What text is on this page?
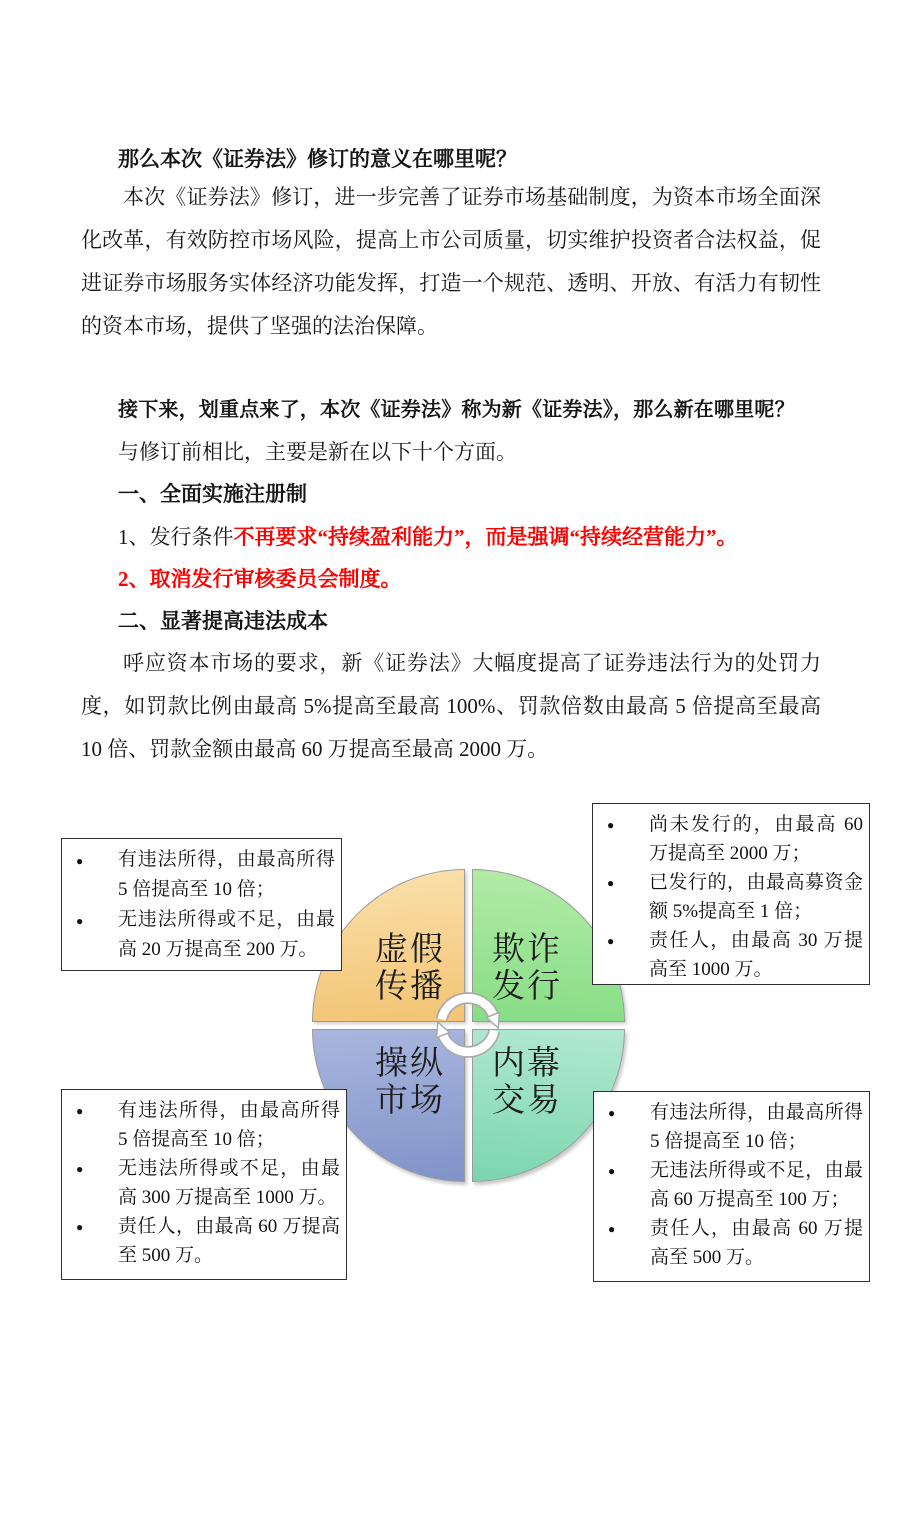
那么本次《证券法》修订的意义在哪里呢？
本次《证券法》修订，进一步完善了证券市场基础制度，为资本市场全面深化改革，有效防控市场风险，提高上市公司质量，切实维护投资者合法权益，促进证券市场服务实体经济功能发挥，打造一个规范、透明、开放、有活力有韧性的资本市场，提供了坚强的法治保障。
接下来，划重点来了，本次《证券法》称为新《证券法》，那么新在哪里呢？
与修订前相比，主要是新在以下十个方面。
一、全面实施注册制
1、发行条件不再要求“持续盈利能力”，而是强调“持续经营能力”。
2、取消发行审核委员会制度。
二、显著提高违法成本
呼应资本市场的要求，新《证券法》大幅度提高了证券违法行为的处罚力度，如罚款比例由最高 5%提高至最高 100%、罚款倍数由最高 5 倍提高至最高 10 倍、罚款金额由最高 60 万提高至最高 2000 万。
虚假
传播
欺诈
发行
操纵
市场
内幕
交易
●	有违法所得，由最高所得 5 倍提高至 10 倍；
●	无违法所得或不足，由最高 20 万提高至 200 万。
●	尚未发行的，由最高 60 万提高至 2000 万；
●	已发行的，由最高募资金额 5%提高至 1 倍；
●	责任人，由最高 30 万提高至 1000 万。
●	有违法所得，由最高所得 5 倍提高至 10 倍；
●	无违法所得或不足，由最高 300 万提高至 1000 万。
●	责任人，由最高 60 万提高至 500 万。
●	有违法所得，由最高所得 5 倍提高至 10 倍；
●	无违法所得或不足，由最高 60 万提高至 100 万；
●	责任人，由最高 60 万提高至 500 万。
